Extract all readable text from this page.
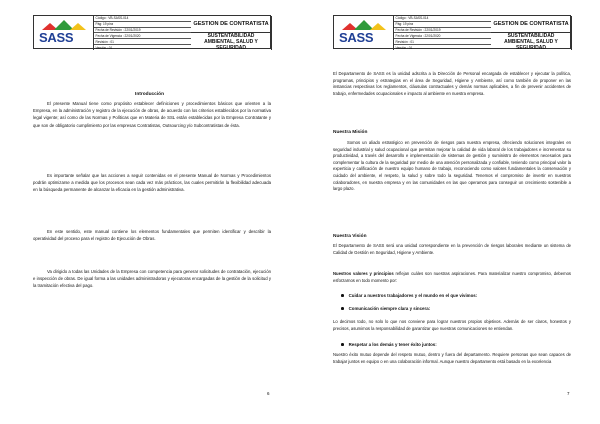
SASS
GESTION DE CONTRATISTA
Código : VB-SASS-014
Pág: 19 pinz
Fecha de Revisión : 22/01/2019
Fecha de Vigencia : 22/01/2020
Revisión : 01
Versión : 01
SUSTENTABILIDAD AMBIENTAL, SALUD Y SEGURIDAD
Introducción
El presente Manual tiene como propósito establecer definiciones y procedimientos básicos que orienten a la Empresa, en la administración y registro de la ejecución de obras, de acuerdo con los criterios establecidos por la normativa legal vigente; así como de las Normas y Políticas que en Materia de SSL están establecidas por la Empresa Contratante y que son de obligatorio cumplimiento por las empresas Contratistas, Outsourcing y/o Subcontratistas de ésta.
Es importante señalar que las acciones a seguir contenidas en el presente Manual de Normas y Procedimientos podrán optimizarse a medida que los procesos sean cada vez más prácticos, las cuales permitirán la flexibilidad adecuada en la búsqueda permanente de alcanzar la eficacia en la gestión administrativa.
En este sentido, este manual contiene los elementos fundamentales que permiten identificar y describir la operatividad del proceso para el registro de Ejecución de Obras.
Va dirigido a todas las Unidades de la Empresa con competencia para generar solicitudes de contratación, ejecución e inspección de obras. De igual forma a las unidades administradoras y ejecutoras encargadas de la gestión de la solicitud y la tramitación efectiva del pago.
6
SASS
GESTION DE CONTRATISTA
Código : VB-SASS-014
Pág: 19 pinz
Fecha de Revisión : 22/01/2019
Fecha de Vigencia : 22/01/2020
Revisión : 01
Versión : 01
SUSTENTABILIDAD AMBIENTAL, SALUD Y SEGURIDAD
El Departamento de SASS es la unidad adscrita a la Dirección de Personal encargada de establecer y ejecutar la política, programas, principios y estrategias en el área de Seguridad, Higiene y Ambiente, así como también de proponer en las instancias respectivas los reglamentos, cláusulas contractuales y demás normas aplicables, a fin de prevenir accidentes de trabajo, enfermedades ocupacionales e impacto al ambiente en nuestra empresa.
Nuestra Misión
Somos un aliado estratégico en prevención de riesgos para nuestra empresa, ofreciendo soluciones integrales en seguridad industrial y salud ocupacional que permitan mejorar la calidad de vida laboral de los trabajadores e incrementar su productividad, a través del desarrollo e implementación de sistemas de gestión y suministro de elementos necesarios para complementar la cultura de la seguridad por medio de una atención personalizada y confiable, teniendo como principal valor la experticia y calificación de nuestro equipo humano de trabajo, reconociendo como valores fundamentales la conservación y cuidado del ambiente, el respeto, la salud y sobre todo la seguridad. Tenemos el compromiso de invertir en nuestros colaboradores, en nuestra empresa y en las comunidades en las que operamos para conseguir un crecimiento sostenible a largo plazo.
Nuestra Visión
El Departamento de SASS será una unidad correspondiente en la prevención de riesgos laborales mediante un sistema de Calidad de Gestión en Seguridad, Higiene y Ambiente.
Nuestros valores y principios reflejan cuáles son nuestras aspiraciones. Para materializar nuestro compromiso, debemos esforzarnos en todo momento por:
Cuidar a nuestros trabajadores y el mundo en el que vivimos:
Comunicación siempre clara y sincera:
Lo decimos todo, no solo lo que nos conviene para lograr nuestros propios objetivos. Además de ser claros, honestos y precisos, asumimos la responsabilidad de garantizar que nuestras comunicaciones se entiendan.
Respetar a los demás y tener éxito juntos:
Nuestro éxito mutuo depende del respeto mutuo, dentro y fuera del departamento. Requiere personas que sean capaces de trabajar juntos en equipo o en una colaboración informal. Aunque nuestro departamento está basado en la excelencia
7
